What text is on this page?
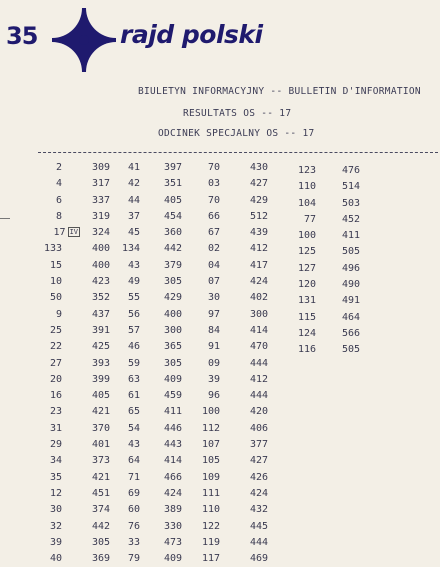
35	rajd polski
BIULETYN INFORMACYJNY -- BULLETIN D'INFORMATION
RESULTATS OS -- 17
ODCINEK SPECJALNY OS -- 17
2
4
6
8
17 IV
133
15
10
50
9
25
22
27
20
16
23
31
29
34
35
12
30
32
39
40
309
317
337
319
324
400
400
423
352
437
391
425
393
399
405
421
370
401
373
421
451
374
442
305
369
41
42
44
37
45
134
43
49
55
56
57
46
59
63
61
65
54
43
64
71
69
60
76
33
79
397
351
405
454
360
442
379
305
429
400
300
365
305
409
459
411
446
443
414
466
424
389
330
473
409
70
03
70
66
67
02
04
07
30
97
84
91
09
39
96
100
112
107
105
109
111
110
122
119
117
430
427
429
512
439
412
417
424
402
300
414
470
444
412
444
420
406
377
427
426
424
432
445
444
469
123
110
104
77
100
125
127
120
131
115
124
116
476
514
503
452
411
505
496
490
491
464
566
505
